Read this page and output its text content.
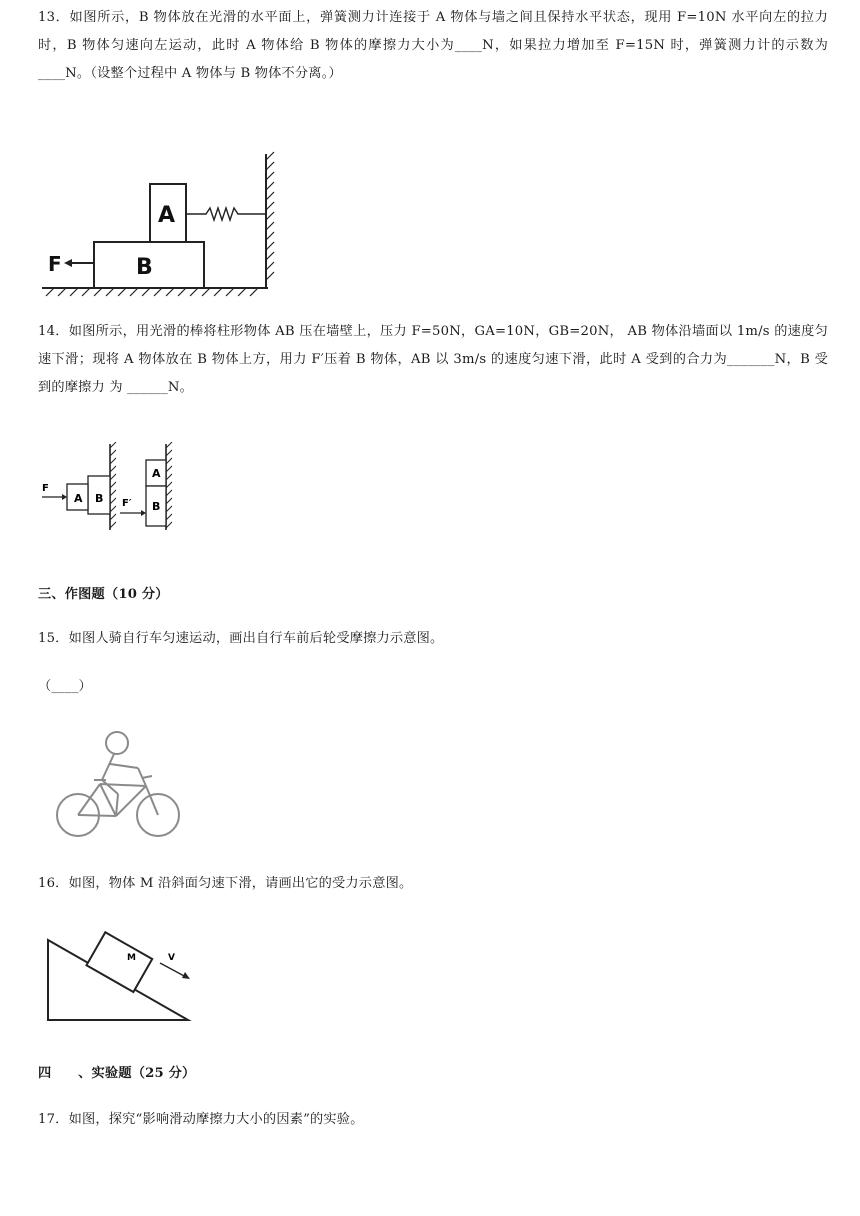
13．如图所示，B 物体放在光滑的水平面上，弹簧测力计连接于 A 物体与墙之间且保持水平状态，现用 F=10N 水平向左的拉力时，B 物体匀速向左运动，此时 A 物体给 B 物体的摩擦力大小为____N，如果拉力增加至 F=15N 时，弹簧测力计的示数为____N。（设整个过程中 A 物体与 B 物体不分离。）
B
A
F
14．如图所示，用光滑的棒将柱形物体 AB 压在墙壁上，压力 F=50N，GA=10N，GB=20N， AB 物体沿墙面以 1m/s 的速度匀速下滑；现将 A 物体放在 B 物体上方，用力 F′压着 B 物体，AB 以 3m/s 的速度匀速下滑，此时 A 受到的合力为_______N，B 受到的摩擦力 为 ______N。
A B
F
A
B
F′
三、作图题（10 分）
15．如图人骑自行车匀速运动，画出自行车前后轮受摩擦力示意图。
（____）
16．如图，物体 M 沿斜面匀速下滑，请画出它的受力示意图。
M	V
四　　、实验题（25 分）
17．如图，探究“影响滑动摩擦力大小的因素”的实验。
